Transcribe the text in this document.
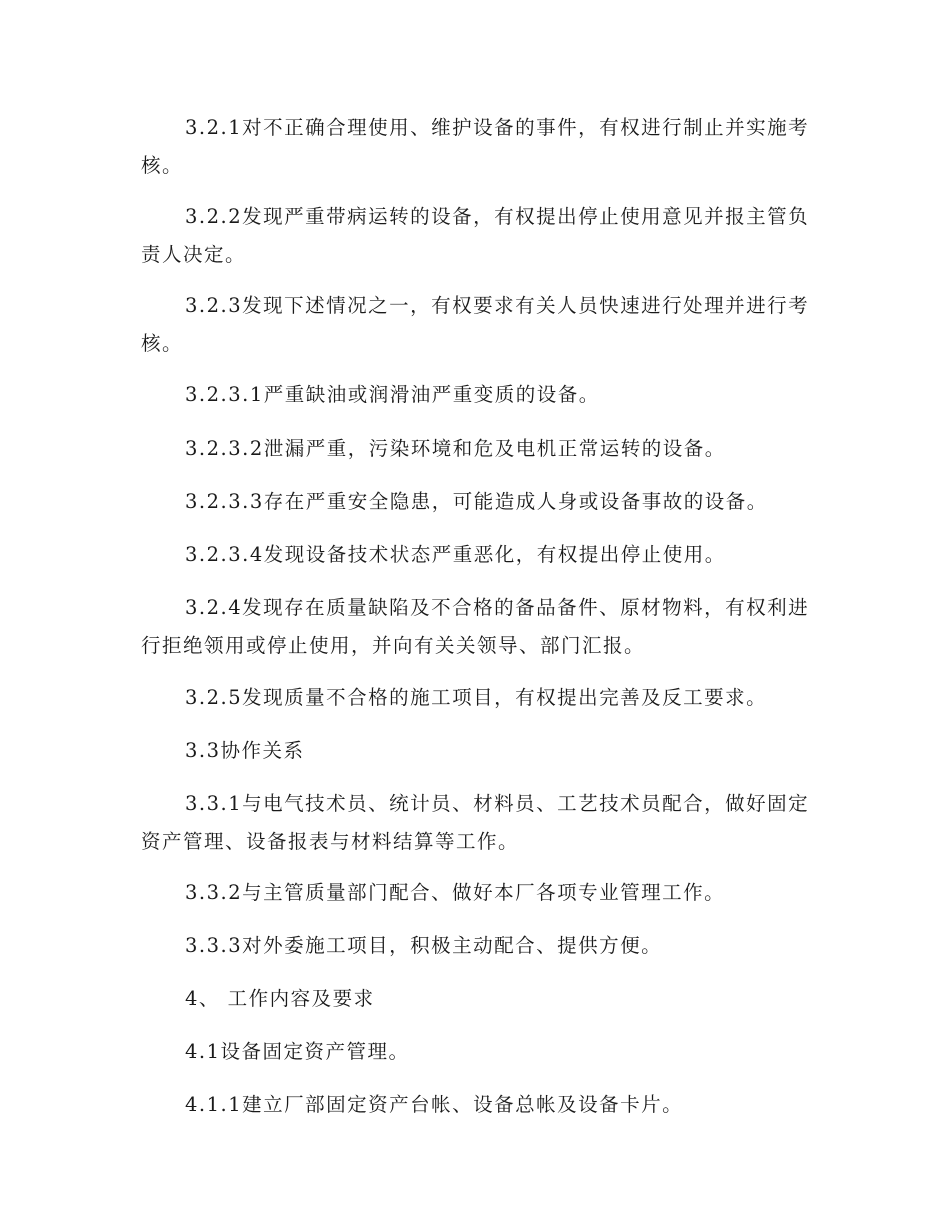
3.2.1对不正确合理使用、维护设备的事件，有权进行制止并实施考核。

3.2.2发现严重带病运转的设备，有权提出停止使用意见并报主管负责人决定。

3.2.3发现下述情况之一，有权要求有关人员快速进行处理并进行考核。

3.2.3.1严重缺油或润滑油严重变质的设备。

3.2.3.2泄漏严重，污染环境和危及电机正常运转的设备。

3.2.3.3存在严重安全隐患，可能造成人身或设备事故的设备。

3.2.3.4发现设备技术状态严重恶化，有权提出停止使用。

3.2.4发现存在质量缺陷及不合格的备品备件、原材物料，有权利进行拒绝领用或停止使用，并向有关关领导、部门汇报。

3.2.5发现质量不合格的施工项目，有权提出完善及反工要求。

3.3协作关系

3.3.1与电气技术员、统计员、材料员、工艺技术员配合，做好固定资产管理、设备报表与材料结算等工作。

3.3.2与主管质量部门配合、做好本厂各项专业管理工作。

3.3.3对外委施工项目，积极主动配合、提供方便。

4、 工作内容及要求

4.1设备固定资产管理。

4.1.1建立厂部固定资产台帐、设备总帐及设备卡片。
